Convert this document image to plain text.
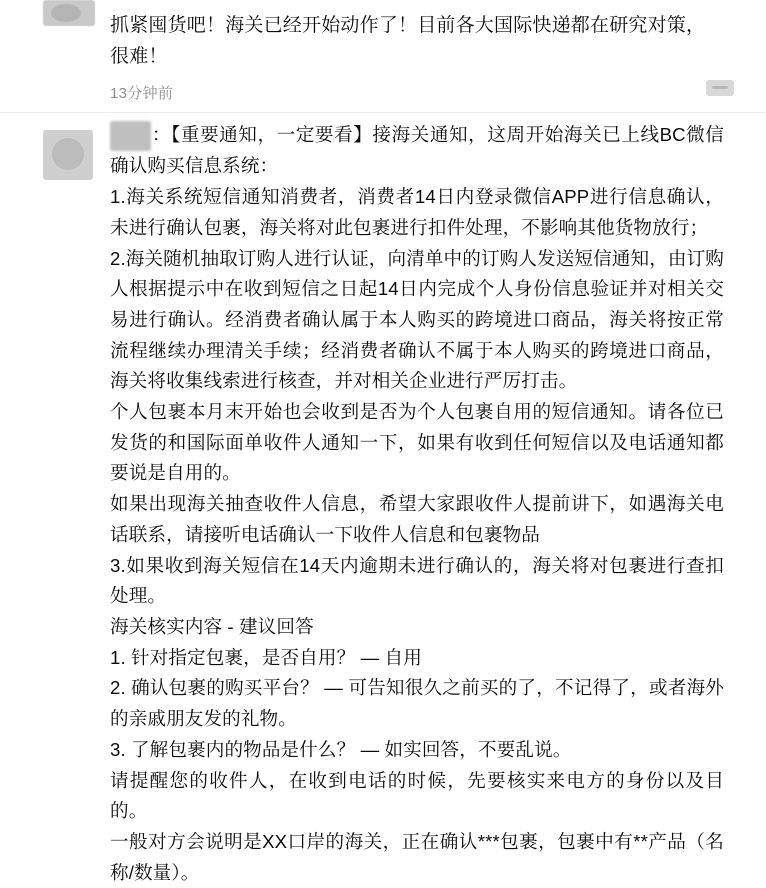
抓紧囤货吧！海关已经开始动作了！目前各大国际快递都在研究对策，很难！
13分钟前

：【重要通知，一定要看】接海关通知，这周开始海关已上线BC微信确认购买信息系统：

1.海关系统短信通知消费者，消费者14日内登录微信APP进行信息确认，未进行确认包裹，海关将对此包裹进行扣件处理，不影响其他货物放行；

2.海关随机抽取订购人进行认证，向清单中的订购人发送短信通知，由订购人根据提示中在收到短信之日起14日内完成个人身份信息验证并对相关交易进行确认。经消费者确认属于本人购买的跨境进口商品，海关将按正常流程继续办理清关手续；经消费者确认不属于本人购买的跨境进口商品，海关将收集线索进行核查，并对相关企业进行严厉打击。

个人包裹本月末开始也会收到是否为个人包裹自用的短信通知。请各位已发货的和国际面单收件人通知一下，如果有收到任何短信以及电话通知都要说是自用的。

如果出现海关抽查收件人信息，希望大家跟收件人提前讲下，如遇海关电话联系，请接听电话确认一下收件人信息和包裹物品

3.如果收到海关短信在14天内逾期未进行确认的，海关将对包裹进行查扣处理。

海关核实内容 - 建议回答

1. 针对指定包裹，是否自用？ — 自用

2. 确认包裹的购买平台？ — 可告知很久之前买的了，不记得了，或者海外的亲戚朋友发的礼物。

3. 了解包裹内的物品是什么？ — 如实回答，不要乱说。

请提醒您的收件人，在收到电话的时候，先要核实来电方的身份以及目的。

一般对方会说明是XX口岸的海关，正在确认***包裹，包裹中有**产品（名称/数量）。
